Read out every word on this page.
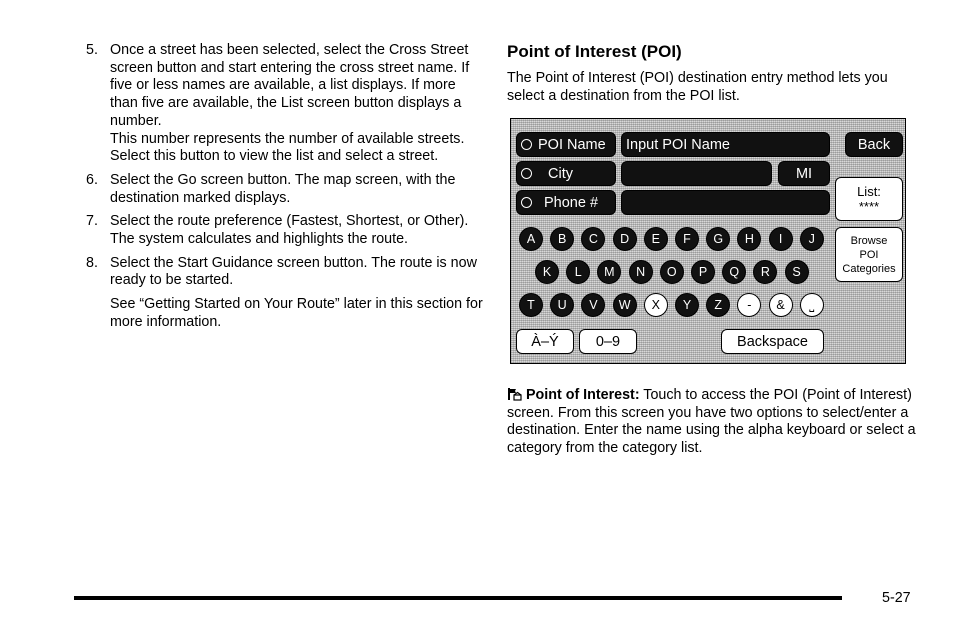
5. Once a street has been selected, select the Cross Street screen button and start entering the cross street name. If five or less names are available, a list displays. If more than five are available, the List screen button displays a number.

This number represents the number of available streets. Select this button to view the list and select a street.

6. Select the Go screen button. The map screen, with the destination marked displays.

7. Select the route preference (Fastest, Shortest, or Other). The system calculates and highlights the route.

8. Select the Start Guidance screen button. The route is now ready to be started.

See “Getting Started on Your Route” later in this section for more information.

Point of Interest (POI)

The Point of Interest (POI) destination entry method lets you select a destination from the POI list.

POI Name Input POI Name	Back
City	MI
Phone #
List:
****
Browse
POI
Categories
A	B	C	D	E	F	G	H	I	J
K	L	M	N	O	P	Q	R	S
T	U	V	W	X	Y	Z	-	&	⎵
À–Ý	0–9	Backspace

Point of Interest: Touch to access the POI (Point of Interest) screen. From this screen you have two options to select/enter a destination. Enter the name using the alpha keyboard or select a category from the category list.

5-27
